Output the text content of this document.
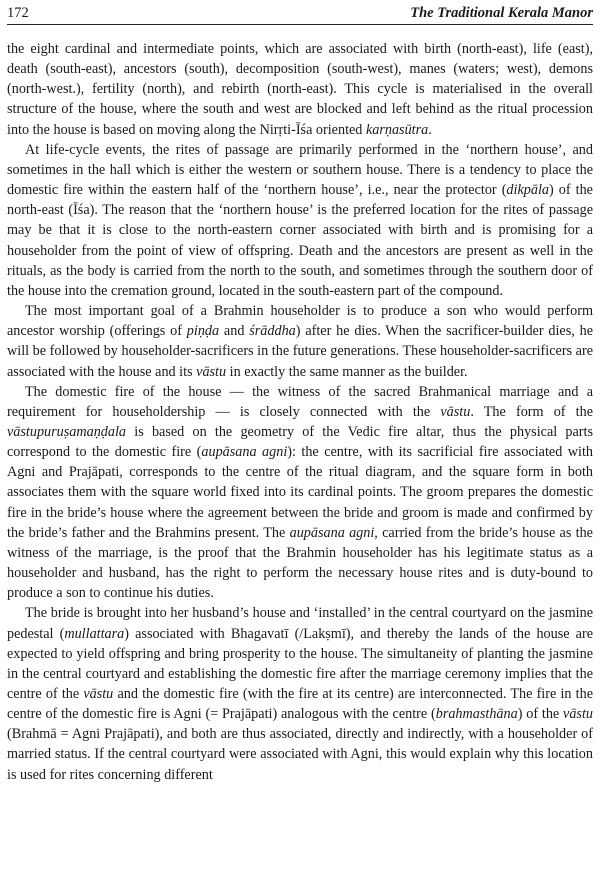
172	The Traditional Kerala Manor

the eight cardinal and intermediate points, which are associated with birth (north-east), life (east), death (south-east), ancestors (south), decomposition (south-west), manes (waters; west), demons (north-west.), fertility (north), and rebirth (north-east). This cycle is materialised in the overall structure of the house, where the south and west are blocked and left behind as the ritual procession into the house is based on moving along the Nirṛti-Īśa oriented karṇasūtra.

At life-cycle events, the rites of passage are primarily performed in the ‘northern house’, and sometimes in the hall which is either the western or southern house. There is a tendency to place the domestic fire within the eastern half of the ‘northern house’, i.e., near the protector (dikpāla) of the north-east (Īśa). The reason that the ‘northern house’ is the preferred location for the rites of passage may be that it is close to the north-eastern corner associated with birth and is promising for a householder from the point of view of offspring. Death and the ancestors are present as well in the rituals, as the body is carried from the north to the south, and sometimes through the southern door of the house into the cremation ground, located in the south-eastern part of the compound.

The most important goal of a Brahmin householder is to produce a son who would perform ancestor worship (offerings of piṇḍa and śrāddha) after he dies. When the sacrificer-builder dies, he will be followed by householder-sacrificers in the future generations. These householder-sacrificers are associated with the house and its vāstu in exactly the same manner as the builder.

The domestic fire of the house — the witness of the sacred Brahmanical marriage and a requirement for householdership — is closely connected with the vāstu. The form of the vāstupuruṣamaṇḍala is based on the geometry of the Vedic fire altar, thus the physical parts correspond to the domestic fire (aupāsana agni): the centre, with its sacrificial fire associated with Agni and Prajāpati, corresponds to the centre of the ritual diagram, and the square form in both associates them with the square world fixed into its cardinal points. The groom prepares the domestic fire in the bride’s house where the agreement between the bride and groom is made and confirmed by the bride’s father and the Brahmins present. The aupāsana agni, carried from the bride’s house as the witness of the marriage, is the proof that the Brahmin householder has his legitimate status as a householder and husband, has the right to perform the necessary house rites and is duty-bound to produce a son to continue his duties.

The bride is brought into her husband’s house and ‘installed’ in the central courtyard on the jasmine pedestal (mullattara) associated with Bhagavatī (/Lakṣmī), and thereby the lands of the house are expected to yield offspring and bring prosperity to the house. The simultaneity of planting the jasmine in the central courtyard and establishing the domestic fire after the marriage ceremony implies that the centre of the vāstu and the domestic fire (with the fire at its centre) are interconnected. The fire in the centre of the domestic fire is Agni (= Prajāpati) analogous with the centre (brahmasthāna) of the vāstu (Brahmā = Agni Prajāpati), and both are thus associated, directly and indirectly, with a householder of married status. If the central courtyard were associated with Agni, this would explain why this location is used for rites concerning different
